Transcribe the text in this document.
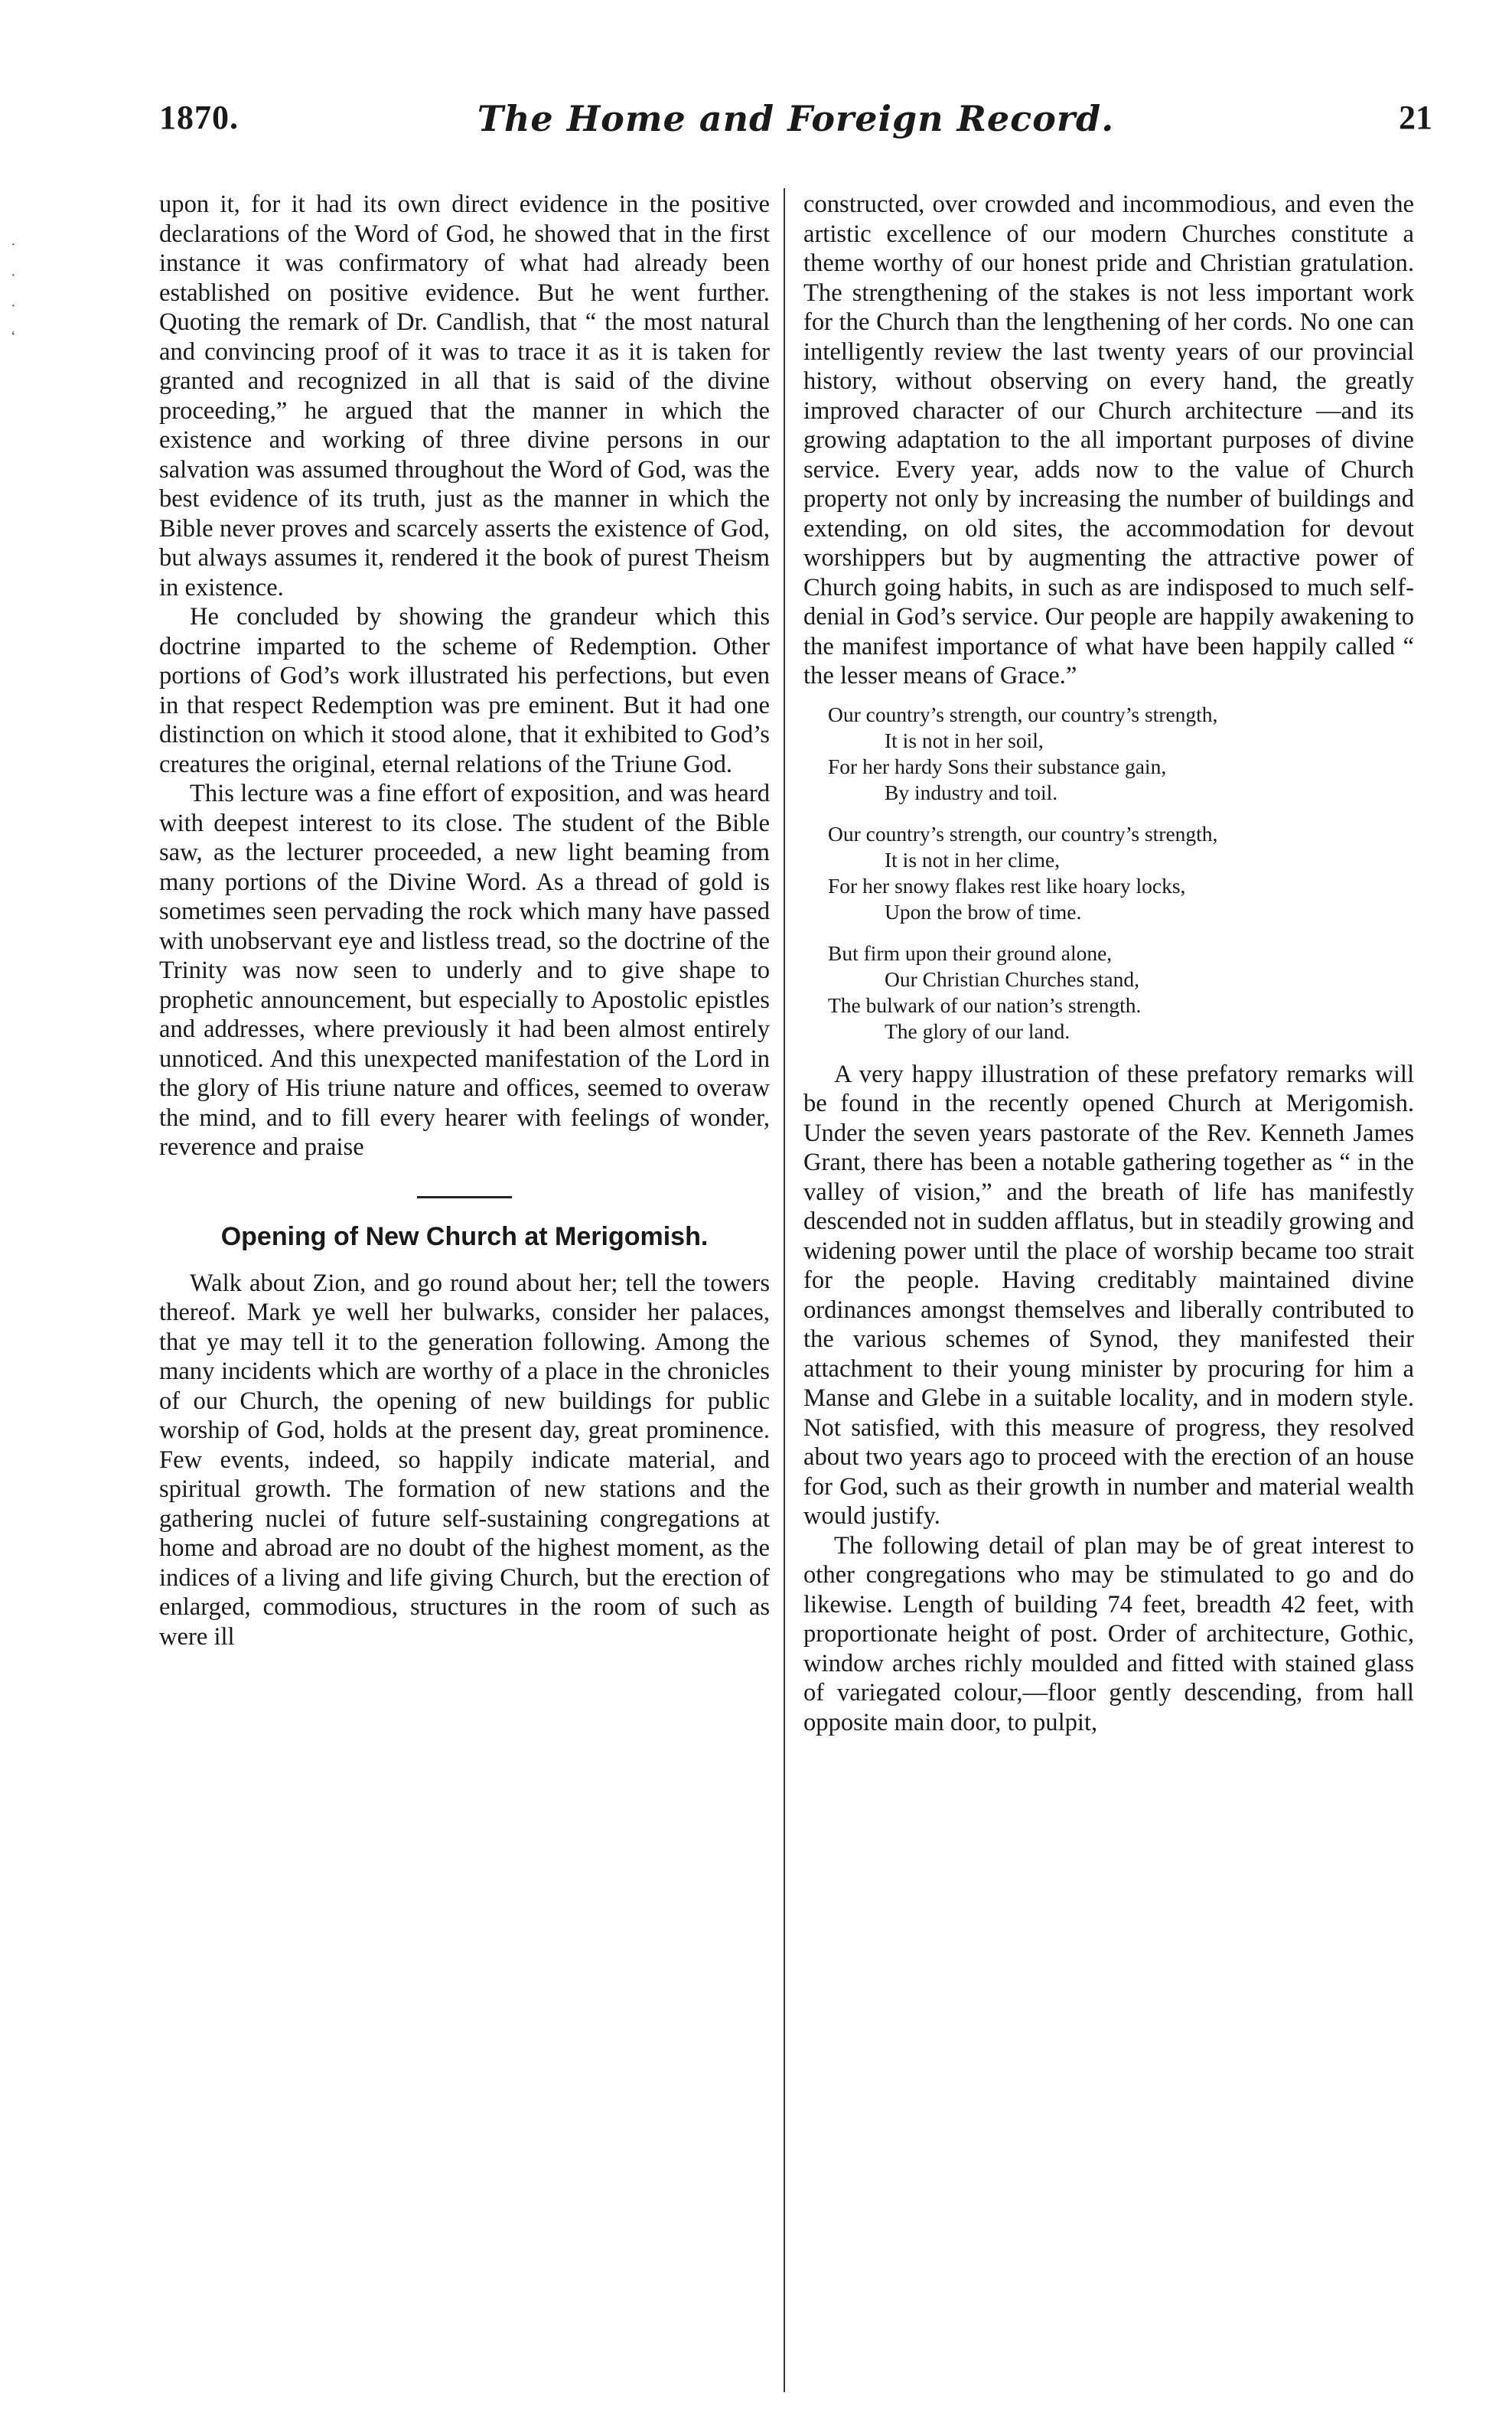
1870.	The Home and Foreign Record.	21
·
·
·
‘

upon it, for it had its own direct evidence in the positive declarations of the Word of God, he showed that in the first instance it was confirmatory of what had already been established on positive evidence. But he went further. Quoting the remark of Dr. Candlish, that “ the most natural and convincing proof of it was to trace it as it is taken for granted and recognized in all that is said of the divine proceeding,” he argued that the manner in which the existence and working of three divine persons in our salvation was assumed throughout the Word of God, was the best evidence of its truth, just as the manner in which the Bible never proves and scarcely asserts the existence of God, but always assumes it, rendered it the book of purest Theism in existence.

He concluded by showing the grandeur which this doctrine imparted to the scheme of Redemption. Other portions of God’s work illustrated his perfections, but even in that respect Redemption was pre eminent. But it had one distinction on which it stood alone, that it exhibited to God’s creatures the original, eternal relations of the Triune God.

This lecture was a fine effort of exposition, and was heard with deepest interest to its close. The student of the Bible saw, as the lecturer proceeded, a new light beaming from many portions of the Divine Word. As a thread of gold is sometimes seen pervading the rock which many have passed with unobservant eye and listless tread, so the doctrine of the Trinity was now seen to underly and to give shape to prophetic announcement, but especially to Apostolic epistles and addresses, where previously it had been almost entirely unnoticed. And this unexpected manifestation of the Lord in the glory of His triune nature and offices, seemed to overaw the mind, and to fill every hearer with feelings of wonder, reverence and praise

Opening of New Church at Merigomish.

Walk about Zion, and go round about her; tell the towers thereof. Mark ye well her bulwarks, consider her palaces, that ye may tell it to the generation following. Among the many incidents which are worthy of a place in the chronicles of our Church, the opening of new buildings for public worship of God, holds at the present day, great prominence. Few events, indeed, so happily indicate material, and spiritual growth. The formation of new stations and the gathering nuclei of future self-sustaining congregations at home and abroad are no doubt of the highest moment, as the indices of a living and life giving Church, but the erection of enlarged, commodious, structures in the room of such as were ill

constructed, over crowded and incommodious, and even the artistic excellence of our modern Churches constitute a theme worthy of our honest pride and Christian gratulation. The strengthening of the stakes is not less important work for the Church than the lengthening of her cords. No one can intelligently review the last twenty years of our provincial history, without observing on every hand, the greatly improved character of our Church architecture —and its growing adaptation to the all important purposes of divine service. Every year, adds now to the value of Church property not only by increasing the number of buildings and extending, on old sites, the accommodation for devout worshippers but by augmenting the attractive power of Church going habits, in such as are indisposed to much self-denial in God’s service. Our people are happily awakening to the manifest importance of what have been happily called “ the lesser means of Grace.”

Our country’s strength, our country’s strength,
It is not in her soil,
For her hardy Sons their substance gain,
By industry and toil.
Our country’s strength, our country’s strength,
It is not in her clime,
For her snowy flakes rest like hoary locks,
Upon the brow of time.
But firm upon their ground alone,
Our Christian Churches stand,
The bulwark of our nation’s strength.
The glory of our land.

A very happy illustration of these prefatory remarks will be found in the recently opened Church at Merigomish. Under the seven years pastorate of the Rev. Kenneth James Grant, there has been a notable gathering together as “ in the valley of vision,” and the breath of life has manifestly descended not in sudden afflatus, but in steadily growing and widening power until the place of worship became too strait for the people. Having creditably maintained divine ordinances amongst themselves and liberally contributed to the various schemes of Synod, they manifested their attachment to their young minister by procuring for him a Manse and Glebe in a suitable locality, and in modern style. Not satisfied, with this measure of progress, they resolved about two years ago to proceed with the erection of an house for God, such as their growth in number and material wealth would justify.

The following detail of plan may be of great interest to other congregations who may be stimulated to go and do likewise. Length of building 74 feet, breadth 42 feet, with proportionate height of post. Order of architecture, Gothic, window arches richly moulded and fitted with stained glass of variegated colour,—floor gently descending, from hall opposite main door, to pulpit,
